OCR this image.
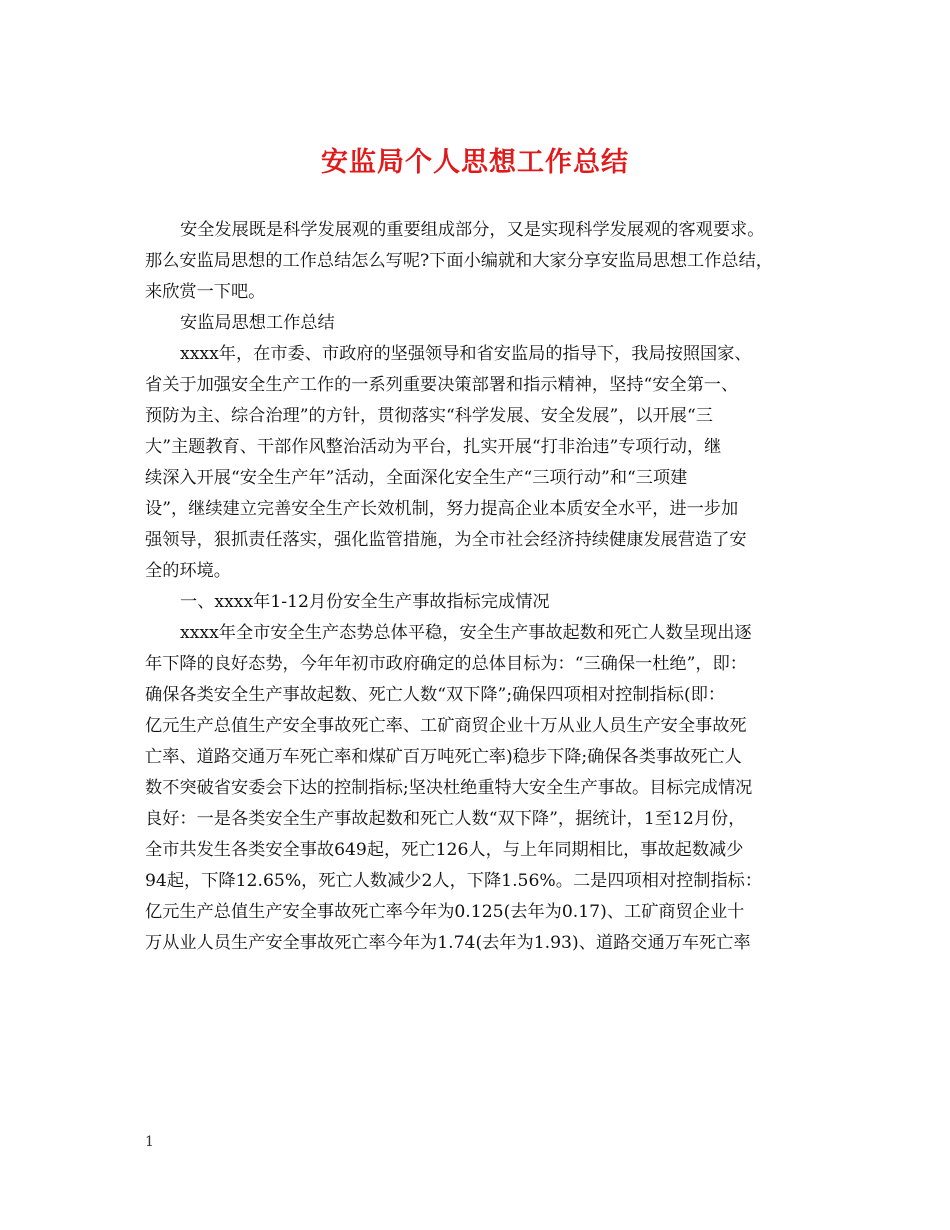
安监局个人思想工作总结
安全发展既是科学发展观的重要组成部分，又是实现科学发展观的客观要求。
那么安监局思想的工作总结怎么写呢?下面小编就和大家分享安监局思想工作总结，
来欣赏一下吧。
安监局思想工作总结
xxxx年，在市委、市政府的坚强领导和省安监局的指导下，我局按照国家、
省关于加强安全生产工作的一系列重要决策部署和指示精神，坚持“安全第一、
预防为主、综合治理”的方针，贯彻落实“科学发展、安全发展”，以开展“三
大”主题教育、干部作风整治活动为平台，扎实开展“打非治违”专项行动，继
续深入开展“安全生产年”活动，全面深化安全生产“三项行动”和“三项建
设”，继续建立完善安全生产长效机制，努力提高企业本质安全水平，进一步加
强领导，狠抓责任落实，强化监管措施，为全市社会经济持续健康发展营造了安
全的环境。
一、xxxx年1-12月份安全生产事故指标完成情况
xxxx年全市安全生产态势总体平稳，安全生产事故起数和死亡人数呈现出逐
年下降的良好态势，今年年初市政府确定的总体目标为：“三确保一杜绝”，即：
确保各类安全生产事故起数、死亡人数“双下降”;确保四项相对控制指标(即：
亿元生产总值生产安全事故死亡率、工矿商贸企业十万从业人员生产安全事故死
亡率、道路交通万车死亡率和煤矿百万吨死亡率)稳步下降;确保各类事故死亡人
数不突破省安委会下达的控制指标;坚决杜绝重特大安全生产事故。目标完成情况
良好：一是各类安全生产事故起数和死亡人数“双下降”，据统计，1至12月份，
全市共发生各类安全事故649起，死亡126人，与上年同期相比，事故起数减少
94起，下降12.65%，死亡人数减少2人，下降1.56%。二是四项相对控制指标：
亿元生产总值生产安全事故死亡率今年为0.125(去年为0.17)、工矿商贸企业十
万从业人员生产安全事故死亡率今年为1.74(去年为1.93)、道路交通万车死亡率
1
